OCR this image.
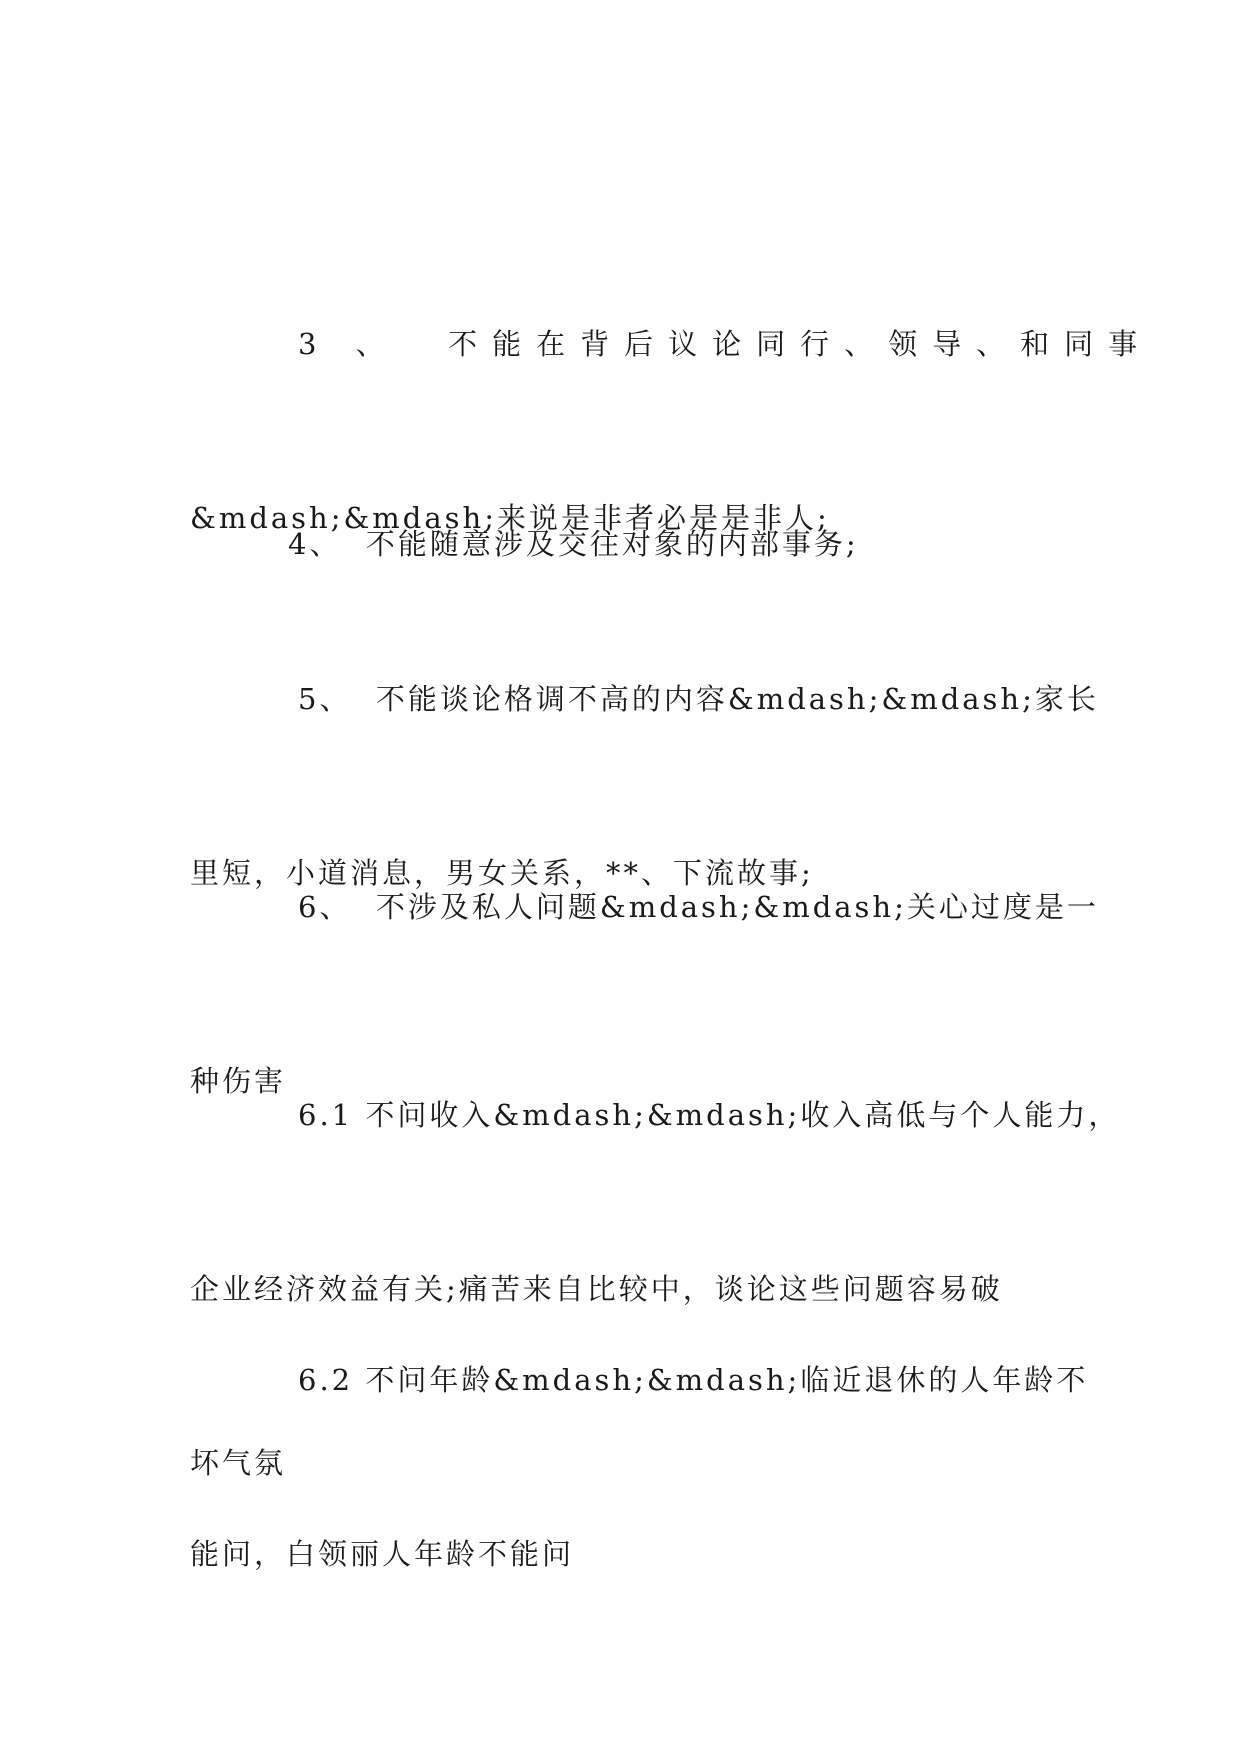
3 、  不能在背后议论同行、领导、和同事

&mdash;&mdash;来说是非者必是是非人;

4、  不能随意涉及交往对象的内部事务;

5、  不能谈论格调不高的内容&mdash;&mdash;家长

里短，小道消息，男女关系，**、下流故事;

6、  不涉及私人问题&mdash;&mdash;关心过度是一

种伤害

6.1 不问收入&mdash;&mdash;收入高低与个人能力，

企业经济效益有关;痛苦来自比较中，谈论这些问题容易破

坏气氛

6.2 不问年龄&mdash;&mdash;临近退休的人年龄不

能问，白领丽人年龄不能问
